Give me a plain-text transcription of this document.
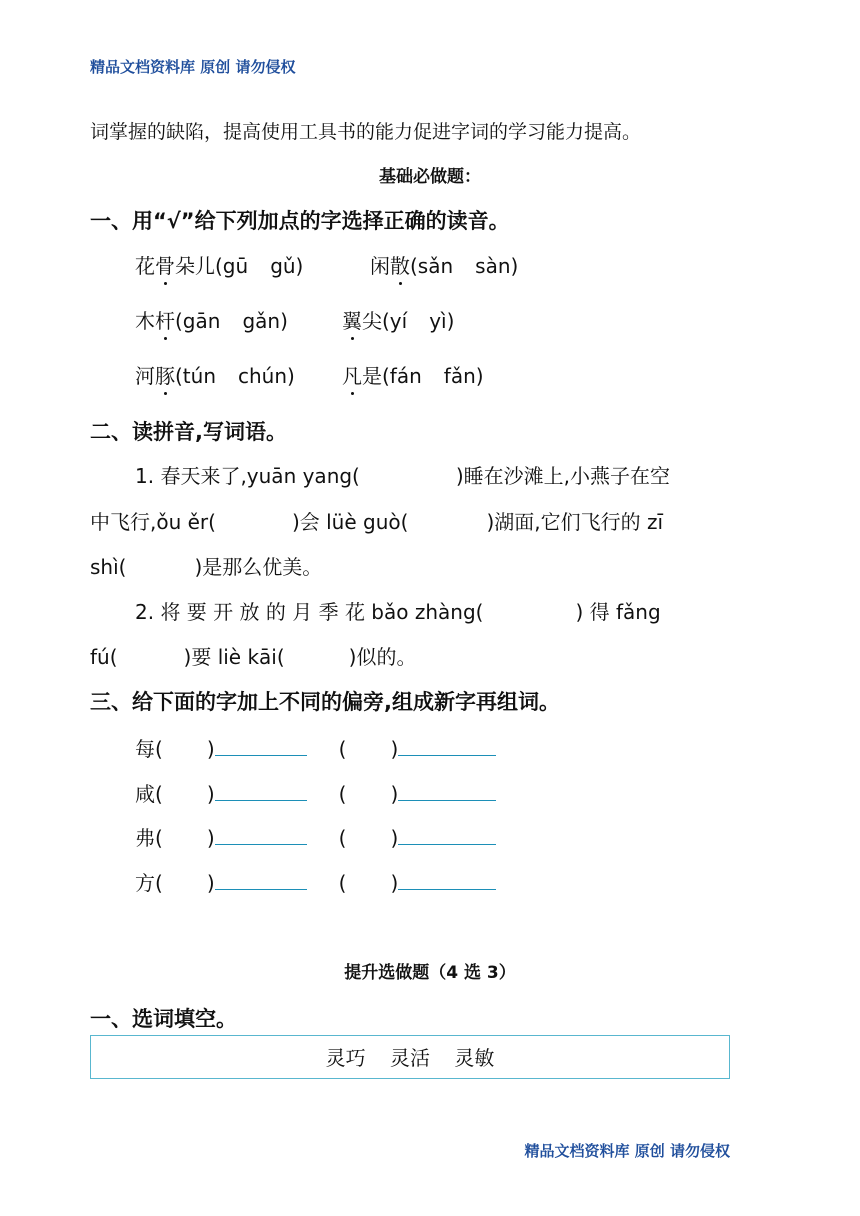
精品文档资料库 原创 请勿侵权
词掌握的缺陷，提高使用工具书的能力促进字词的学习能力提高。
基础必做题：
一、用“√”给下列加点的字选择正确的读音。
花骨朵儿(gū gǔ)	闲散(sǎn sàn)
木杆(gān gǎn)	翼尖(yí yì)
河豚(tún chún) 凡是(fán fǎn)
二、读拼音,写词语。
1. 春天来了,yuān yang(	)睡在沙滩上,小燕子在空
中飞行,ǒu ěr(	)会 lüè guò(	)湖面,它们飞行的 zī
shì(	)是那么优美。
2. 将 要 开 放 的 月 季 花 bǎo zhàng(	) 得 fǎng
fú(	)要 liè kāi(	)似的。
三、给下面的字加上不同的偏旁,组成新字再组词。
每( )	( )
咸( )	( )
弗( )	( )
方( )	( )
提升选做题（4 选 3）
一、选词填空。
灵巧 灵活 灵敏
精品文档资料库 原创 请勿侵权
